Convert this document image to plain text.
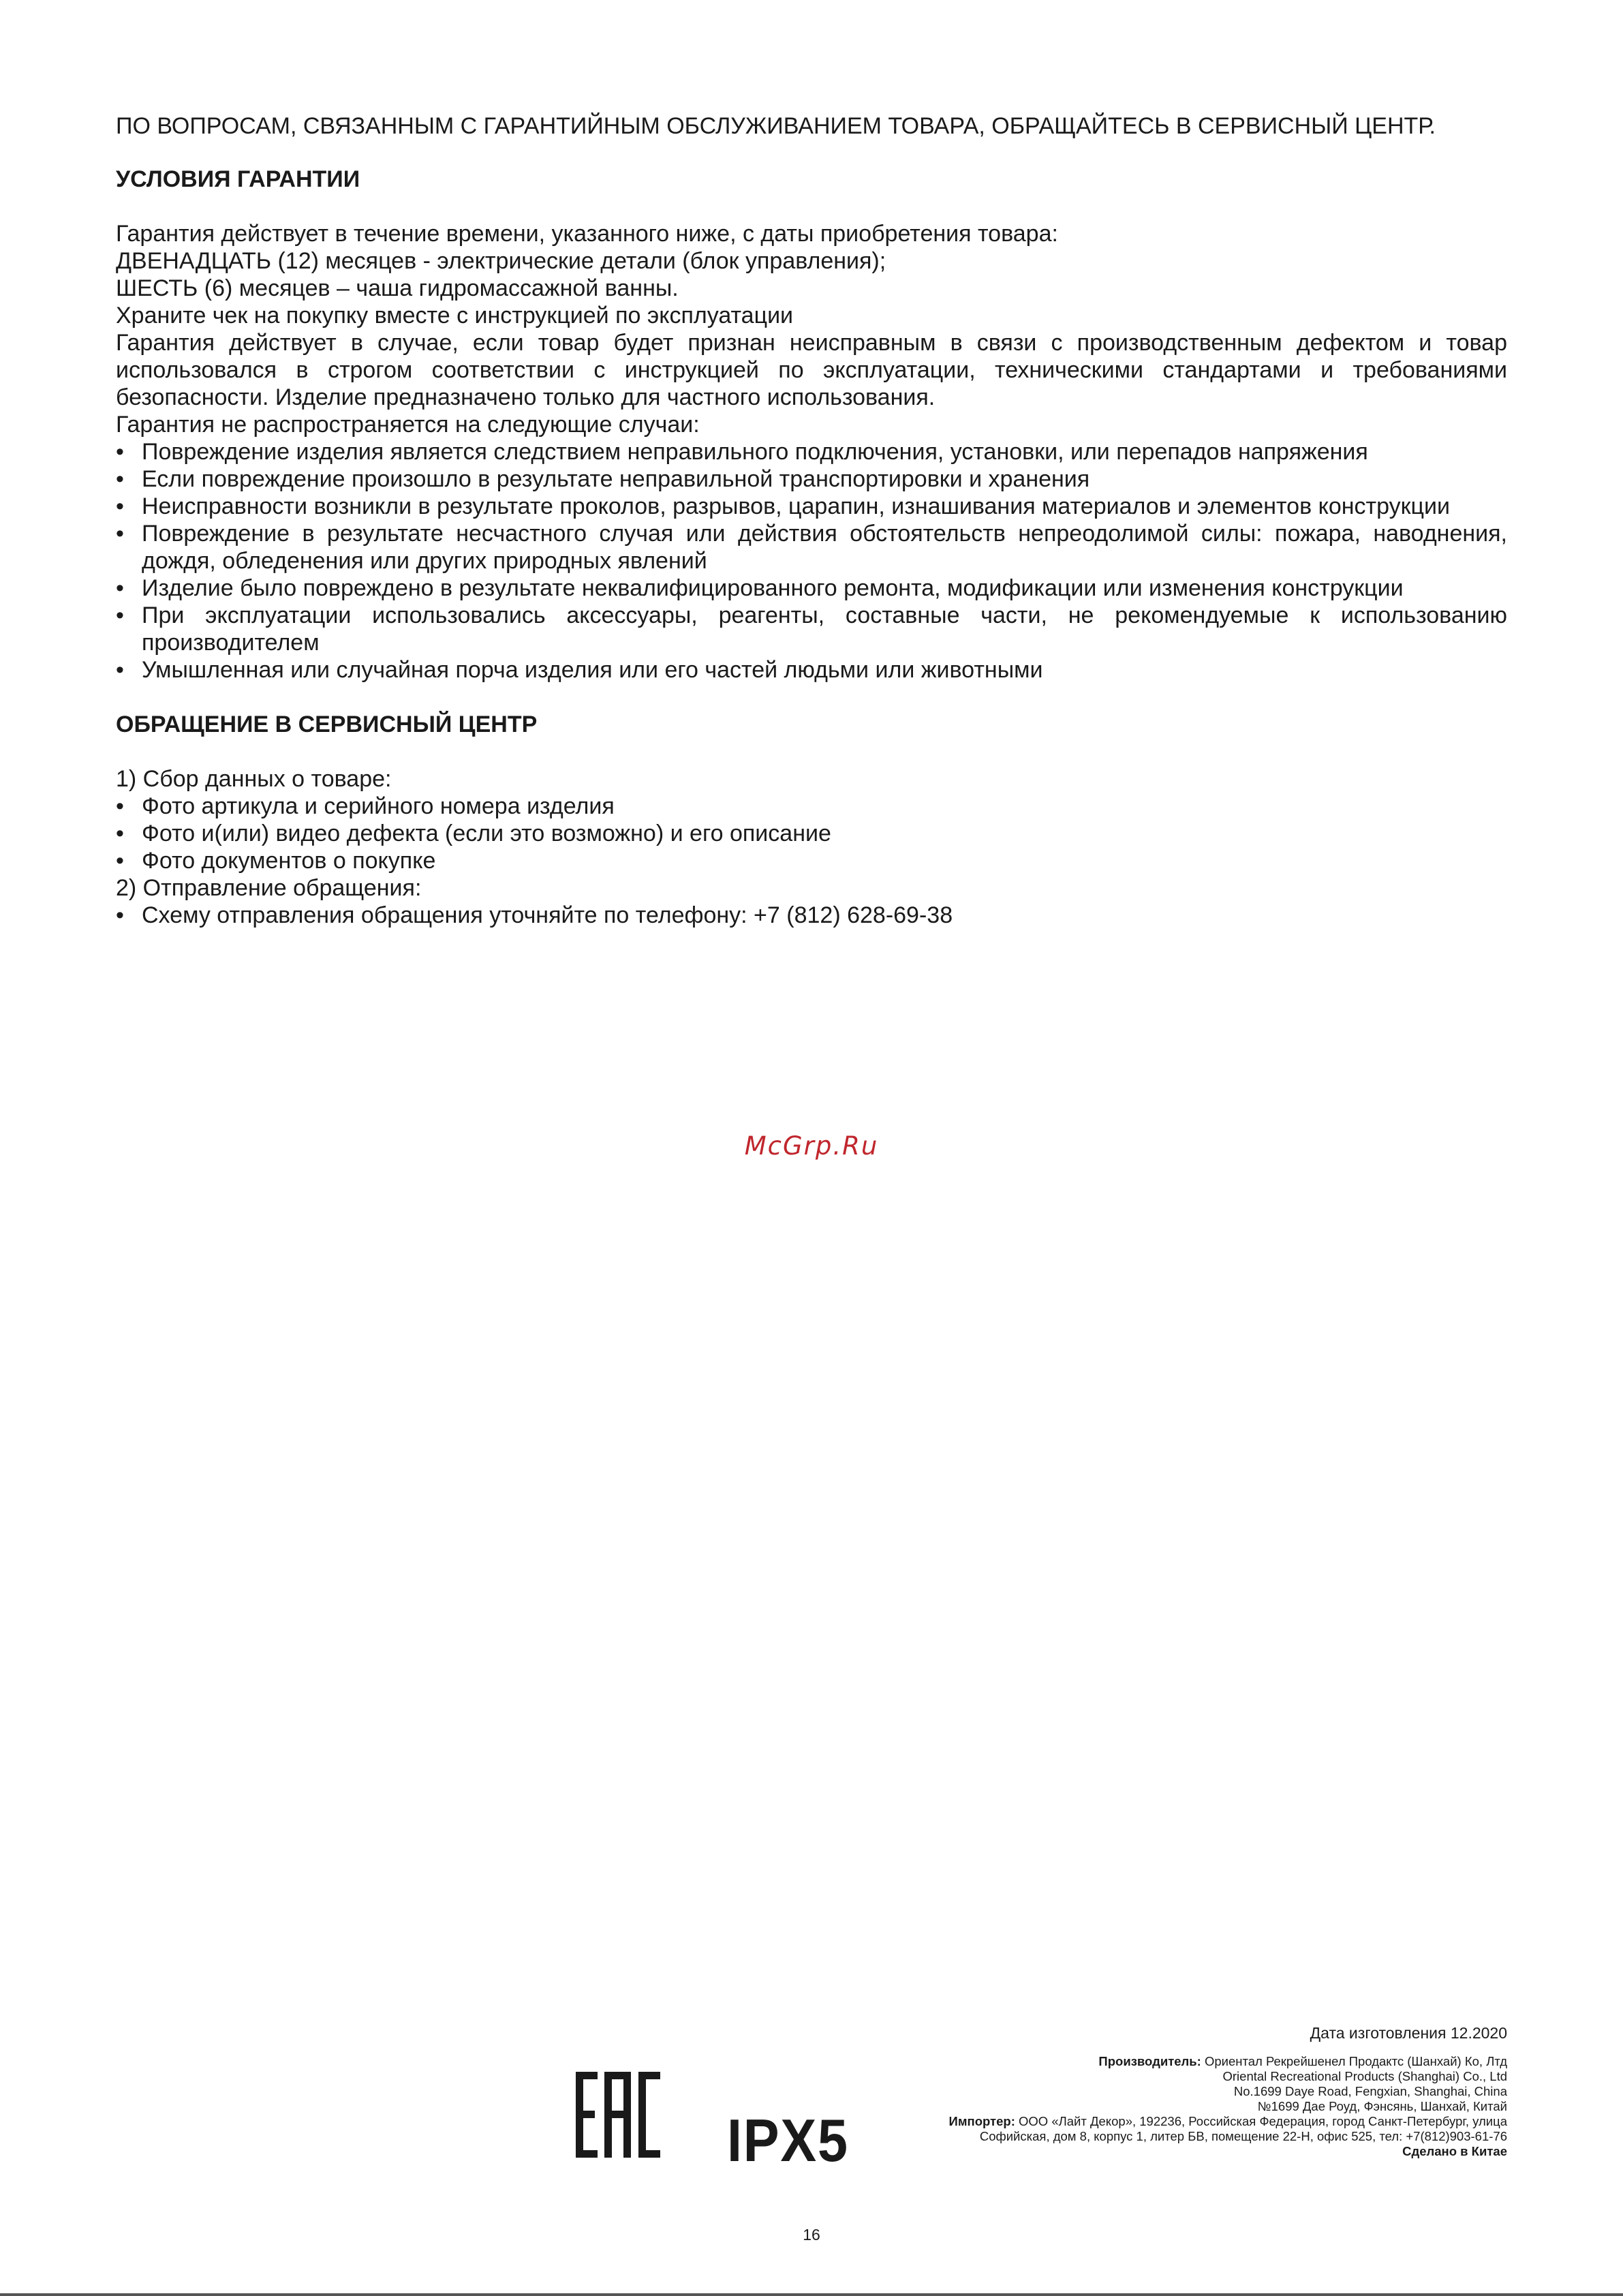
ПО ВОПРОСАМ, СВЯЗАННЫМ С ГАРАНТИЙНЫМ ОБСЛУЖИВАНИЕМ ТОВАРА, ОБРАЩАЙТЕСЬ В СЕРВИСНЫЙ ЦЕНТР.

УСЛОВИЯ ГАРАНТИИ

Гарантия действует в течение времени, указанного ниже, с даты приобретения товара:

ДВЕНАДЦАТЬ (12) месяцев - электрические детали (блок управления);

ШЕСТЬ (6) месяцев – чаша гидромассажной ванны.

Храните чек на покупку вместе с инструкцией по эксплуатации

Гарантия действует в случае, если товар будет признан неисправным в связи с производственным дефектом и товар использовался в строгом соответствии с инструкцией по эксплуатации, техническими стандартами и требованиями безопасности. Изделие предназначено только для частного использования.

Гарантия не распространяется на следующие случаи:

• Повреждение изделия является следствием неправильного подключения, установки, или перепадов напряжения
• Если повреждение произошло в результате неправильной транспортировки и хранения
• Неисправности возникли в результате проколов, разрывов, царапин, изнашивания материалов и элементов конструкции
• Повреждение в результате несчастного случая или действия обстоятельств непреодолимой силы: пожара, наводнения, дождя, обледенения или других природных явлений
• Изделие было повреждено в результате неквалифицированного ремонта, модификации или изменения конструкции
• При эксплуатации использовались аксессуары, реагенты, составные части, не рекомендуемые к использованию производителем
• Умышленная или случайная порча изделия или его частей людьми или животными

ОБРАЩЕНИЕ В СЕРВИСНЫЙ ЦЕНТР

1) Сбор данных о товаре:

• Фото артикула и серийного номера изделия
• Фото и(или) видео дефекта (если это возможно) и его описание
• Фото документов о покупке

2) Отправление обращения:

• Схему отправления обращения уточняйте по телефону: +7 (812) 628-69-38
McGrp.Ru
IPX5
Дата изготовления 12.2020

Производитель: Ориентал Рекрейшенел Продактс (Шанхай) Ко, Лтд

Oriental Recreational Products (Shanghai) Co., Ltd

No.1699 Daye Road, Fengxian, Shanghai, China

№1699 Дае Роуд, Фэнсянь, Шанхай, Китай

Импортер: ООО «Лайт Декор», 192236, Российская Федерация, город Санкт-Петербург, улица

Софийская, дом 8, корпус 1, литер БВ, помещение 22-Н, офис 525, тел: +7(812)903-61-76

Сделано в Китае

16
